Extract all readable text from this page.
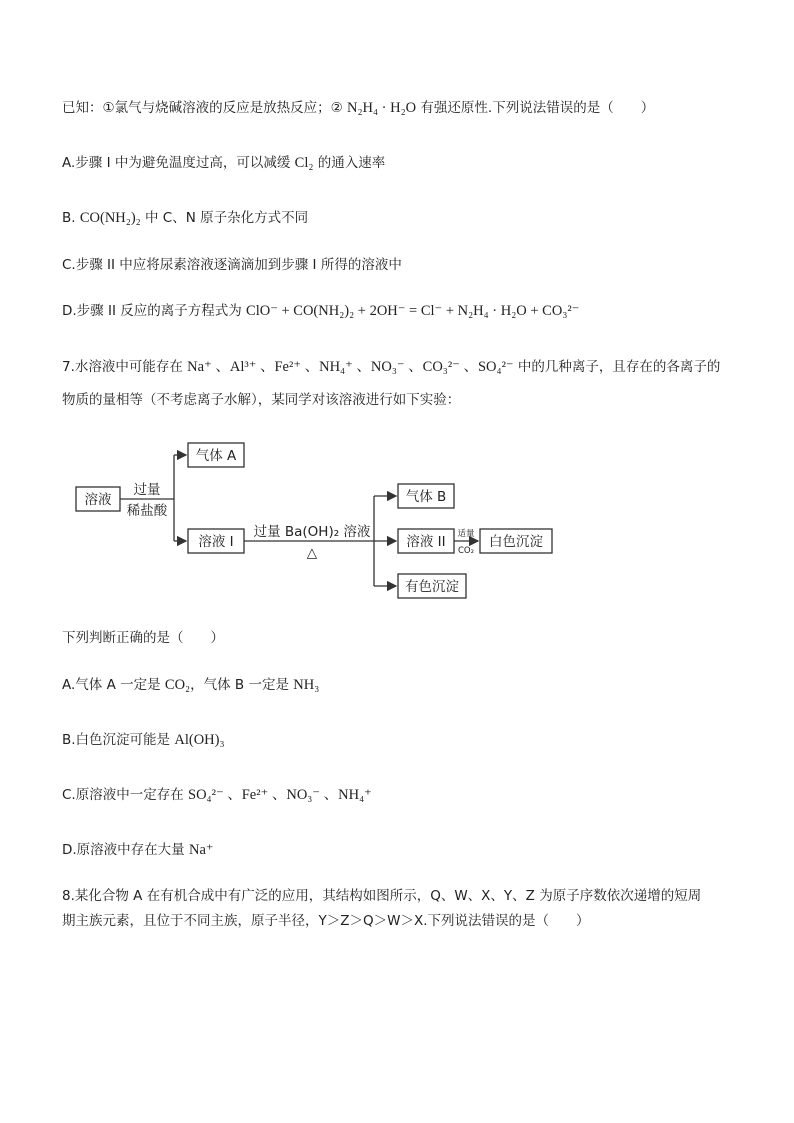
已知：①氯气与烧碱溶液的反应是放热反应；② N₂H₄ · H₂O 有强还原性.下列说法错误的是（　　）
A.步骤 I 中为避免温度过高，可以减缓 Cl₂ 的通入速率
B. CO(NH₂)₂ 中 C、N 原子杂化方式不同
C.步骤 II 中应将尿素溶液逐滴滴加到步骤 I 所得的溶液中
D.步骤 II 反应的离子方程式为 ClO⁻ + CO(NH₂)₂ + 2OH⁻ = Cl⁻ + N₂H₄ · H₂O + CO₃²⁻
7.水溶液中可能存在 Na⁺ 、Al³⁺ 、Fe²⁺ 、NH₄⁺ 、NO₃⁻ 、CO₃²⁻ 、SO₄²⁻ 中的几种离子，且存在的各离子的
物质的量相等（不考虑离子水解），某同学对该溶液进行如下实验：
溶液
过量
稀盐酸
气体 A
溶液 I
过量 Ba(OH)₂ 溶液
△
气体 B
溶液 II	白色沉淀
有色沉淀
适量
CO₂
下列判断正确的是（　　）
A.气体 A 一定是 CO₂，气体 B 一定是 NH₃
B.白色沉淀可能是 Al(OH)₃
C.原溶液中一定存在 SO₄²⁻ 、Fe²⁺ 、NO₃⁻ 、NH₄⁺
D.原溶液中存在大量 Na⁺
8.某化合物 A 在有机合成中有广泛的应用，其结构如图所示，Q、W、X、Y、Z 为原子序数依次递增的短周
期主族元素，且位于不同主族，原子半径，Y＞Z＞Q＞W＞X.下列说法错误的是（　　）
